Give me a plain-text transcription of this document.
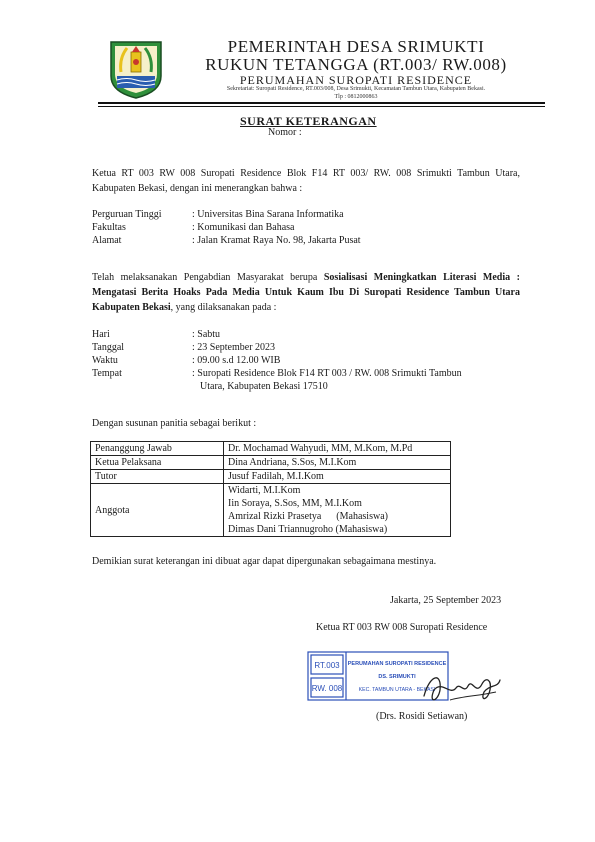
PEMERINTAH DESA SRIMUKTI
RUKUN TETANGGA (RT.003/ RW.008)
PERUMAHAN SUROPATI RESIDENCE
Sekretariat: Suropati Residence, RT.003/008, Desa Srimukti, Kecamatan Tambun Utara, Kabupaten Bekasi.
Tlp : 0812000863
SURAT KETERANGAN
Nomor :
Ketua RT 003 RW 008 Suropati Residence Blok F14 RT 003/ RW. 008 Srimukti Tambun Utara, Kabupaten Bekasi, dengan ini menerangkan bahwa :
Perguruan Tinggi	: Universitas Bina Sarana Informatika
Fakultas	: Komunikasi dan Bahasa
Alamat	: Jalan Kramat Raya No. 98, Jakarta Pusat
Telah melaksanakan Pengabdian Masyarakat berupa Sosialisasi Meningkatkan Literasi Media : Mengatasi Berita Hoaks Pada Media Untuk Kaum Ibu Di Suropati Residence Tambun Utara Kabupaten Bekasi, yang dilaksanakan pada :
Hari	: Sabtu
Tanggal	: 23 September 2023
Waktu	: 09.00 s.d 12.00 WIB
Tempat	: Suropati Residence Blok F14 RT 003 / RW. 008 Srimukti Tambun
Utara, Kabupaten Bekasi 17510
Dengan susunan panitia sebagai berikut :
Penanggung Jawab	Dr. Mochamad Wahyudi, MM, M.Kom, M.Pd
Ketua Pelaksana	Dina Andriana, S.Sos, M.I.Kom
Tutor	Jusuf Fadilah, M.I.Kom
Anggota	Widarti, M.I.Kom
Iin Soraya, S.Sos, MM, M.I.Kom
Amrizal Rizki Prasetya      (Mahasiswa)
Dimas Dani Triannugroho (Mahasiswa)
Demikian surat keterangan ini dibuat agar dapat dipergunakan sebagaimana mestinya.
Jakarta, 25 September 2023
Ketua RT 003 RW 008 Suropati Residence
RT.003
RW. 008
PERUMAHAN SUROPATI RESIDENCE
DS. SRIMUKTI
KEC. TAMBUN UTARA - BEKASI
(Drs. Rosidi Setiawan)
